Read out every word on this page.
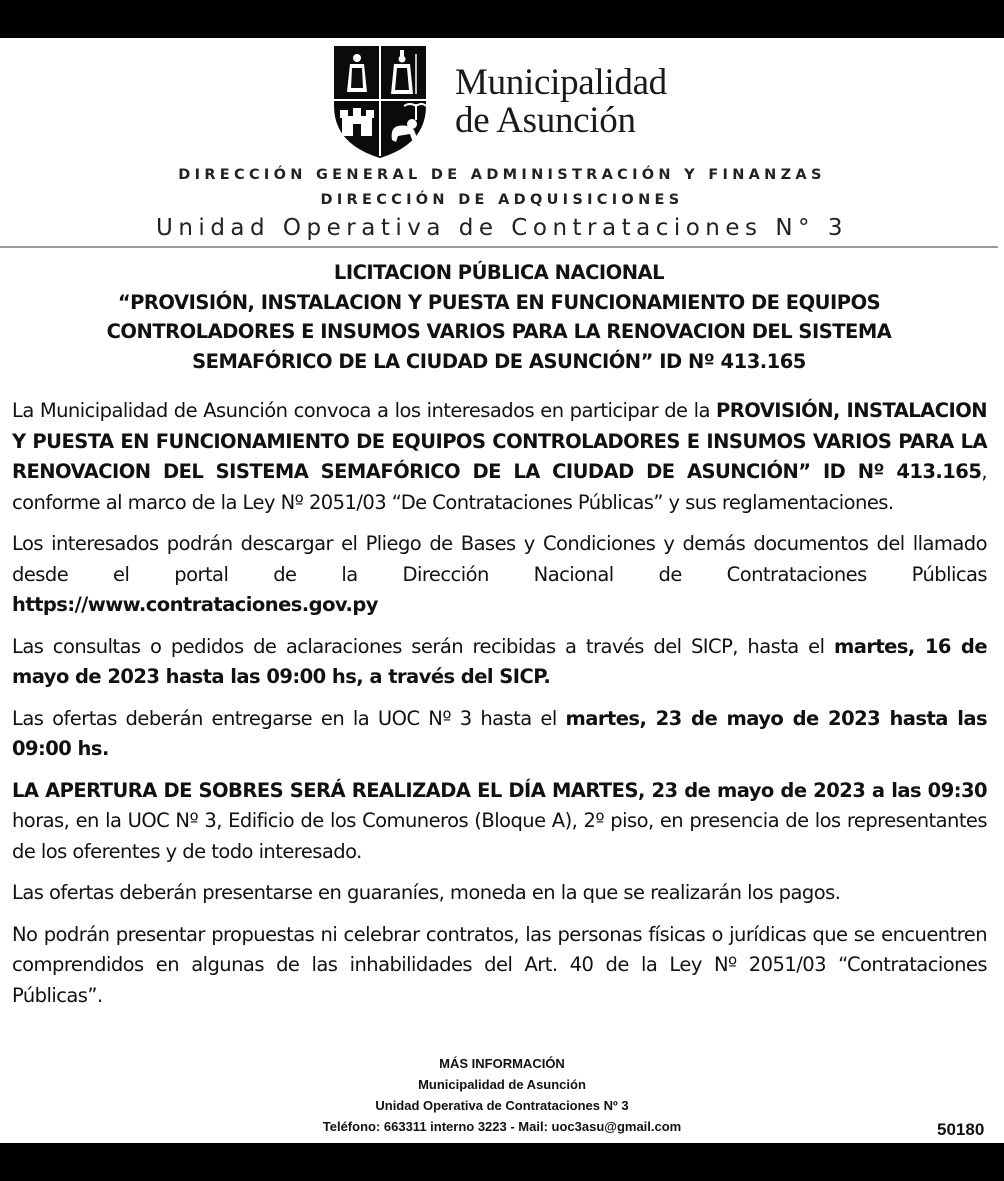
Municipalidad
de Asunción
DIRECCIÓN GENERAL DE ADMINISTRACIÓN Y FINANZAS
DIRECCIÓN DE ADQUISICIONES
Unidad Operativa de Contrataciones N° 3
LICITACION PÚBLICA NACIONAL
“PROVISIÓN, INSTALACION Y PUESTA EN FUNCIONAMIENTO DE EQUIPOS
CONTROLADORES E INSUMOS VARIOS PARA LA RENOVACION DEL SISTEMA
SEMAFÓRICO DE LA CIUDAD DE ASUNCIÓN” ID Nº 413.165

La Municipalidad de Asunción convoca a los interesados en participar de la PROVISIÓN, INSTALACION Y PUESTA EN FUNCIONAMIENTO DE EQUIPOS CONTROLADORES E INSUMOS VARIOS PARA LA RENOVACION DEL SISTEMA SEMAFÓRICO DE LA CIUDAD DE ASUNCIÓN” ID Nº 413.165, conforme al marco de la Ley Nº 2051/03 “De Contrataciones Públicas” y sus reglamentaciones.

Los interesados podrán descargar el Pliego de Bases y Condiciones y demás documentos del llamado desde el portal de la Dirección Nacional de Contrataciones Públicas https://www.contrataciones.gov.py

Las consultas o pedidos de aclaraciones serán recibidas a través del SICP, hasta el martes, 16 de mayo de 2023 hasta las 09:00 hs, a través del SICP.

Las ofertas deberán entregarse en la UOC Nº 3 hasta el martes, 23 de mayo de 2023 hasta las 09:00 hs.

LA APERTURA DE SOBRES SERÁ REALIZADA EL DÍA MARTES, 23 de mayo de 2023 a las 09:30 horas, en la UOC Nº 3, Edificio de los Comuneros (Bloque A), 2º piso, en presencia de los representantes de los oferentes y de todo interesado.

Las ofertas deberán presentarse en guaraníes, moneda en la que se realizarán los pagos.

No podrán presentar propuestas ni celebrar contratos, las personas físicas o jurídicas que se encuentren comprendidos en algunas de las inhabilidades del Art. 40 de la Ley Nº 2051/03 “Contrataciones Públicas”.

MÁS INFORMACIÓN
Municipalidad de Asunción
Unidad Operativa de Contrataciones Nº 3
Teléfono: 663311 interno 3223 - Mail: uoc3asu@gmail.com	50180
